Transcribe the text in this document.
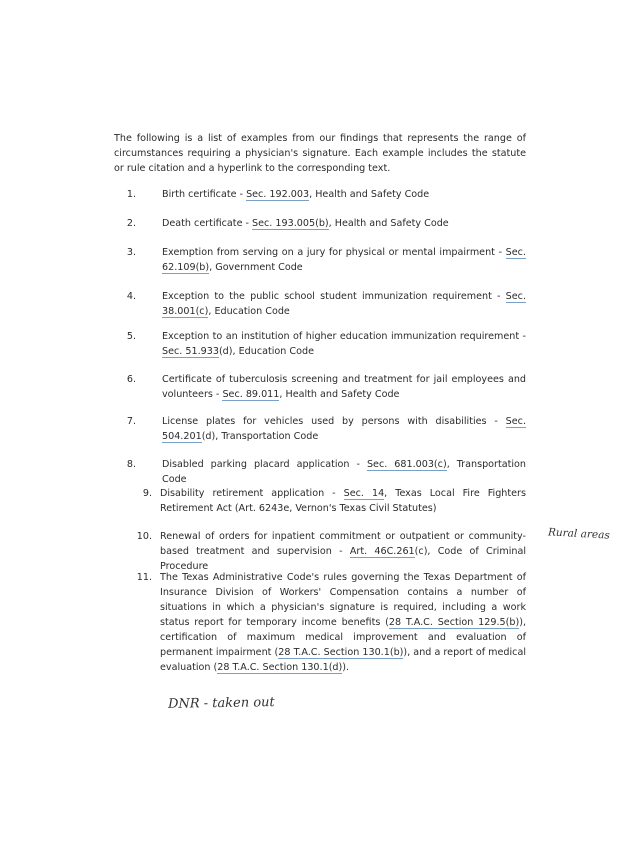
The following is a list of examples from our findings that represents the range of circumstances requiring a physician's signature. Each example includes the statute or rule citation and a hyperlink to the corresponding text.

1.	Birth certificate - Sec. 192.003, Health and Safety Code
2.	Death certificate - Sec. 193.005(b), Health and Safety Code
3.	Exemption from serving on a jury for physical or mental impairment - Sec. 62.109(b), Government Code
4.	Exception to the public school student immunization requirement - Sec. 38.001(c), Education Code
5.	Exception to an institution of higher education immunization requirement - Sec. 51.933(d), Education Code
6.	Certificate of tuberculosis screening and treatment for jail employees and volunteers - Sec. 89.011, Health and Safety Code
7.	License plates for vehicles used by persons with disabilities - Sec. 504.201(d), Transportation Code
8.	Disabled parking placard application - Sec. 681.003(c), Transportation Code
9. Disability retirement application - Sec. 14, Texas Local Fire Fighters Retirement Act (Art. 6243e, Vernon's Texas Civil Statutes)
10. Renewal of orders for inpatient commitment or outpatient or community-based treatment and supervision - Art. 46C.261(c), Code of Criminal Procedure
11. The Texas Administrative Code's rules governing the Texas Department of Insurance Division of Workers' Compensation contains a number of situations in which a physician's signature is required, including a work status report for temporary income benefits (28 T.A.C. Section 129.5(b)), certification of maximum medical improvement and evaluation of permanent impairment (28 T.A.C. Section 130.1(b)), and a report of medical evaluation (28 T.A.C. Section 130.1(d)).
Rural areas
DNR - taken out
